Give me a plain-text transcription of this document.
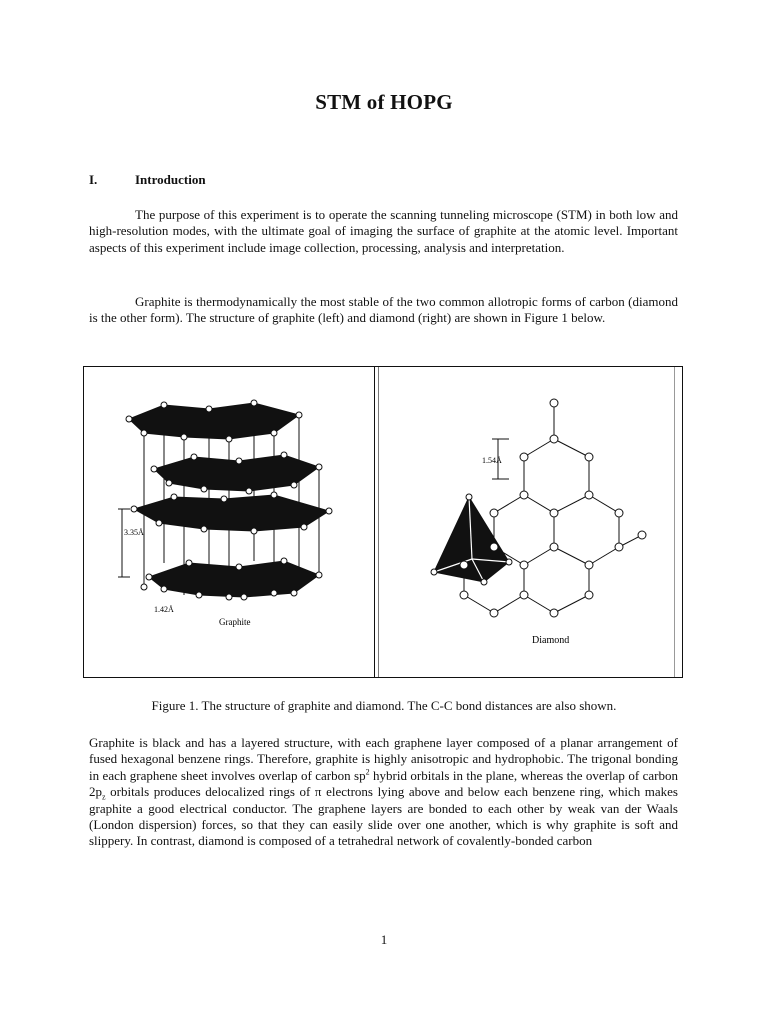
STM of HOPG
I.	Introduction

The purpose of this experiment is to operate the scanning tunneling microscope (STM) in both low and high-resolution modes, with the ultimate goal of imaging the surface of graphite at the atomic level. Important aspects of this experiment include image collection, processing, analysis and interpretation.

Graphite is thermodynamically the most stable of the two common allotropic forms of carbon (diamond is the other form). The structure of graphite (left) and diamond (right) are shown in Figure 1 below.

3.35Å
1.42Å
Graphite
1.54Å
Diamond
Figure 1. The structure of graphite and diamond. The C-C bond distances are also shown.

Graphite is black and has a layered structure, with each graphene layer composed of a planar arrangement of fused hexagonal benzene rings. Therefore, graphite is highly anisotropic and hydrophobic. The trigonal bonding in each graphene sheet involves overlap of carbon $sp^2$ hybrid orbitals in the plane, whereas the overlap of carbon $2p_z$ orbitals produces delocalized rings of π electrons lying above and below each benzene ring, which makes graphite a good electrical conductor. The graphene layers are bonded to each other by weak van der Waals (London dispersion) forces, so that they can easily slide over one another, which is why graphite is soft and slippery. In contrast, diamond is composed of a tetrahedral network of covalently-bonded carbon

1
